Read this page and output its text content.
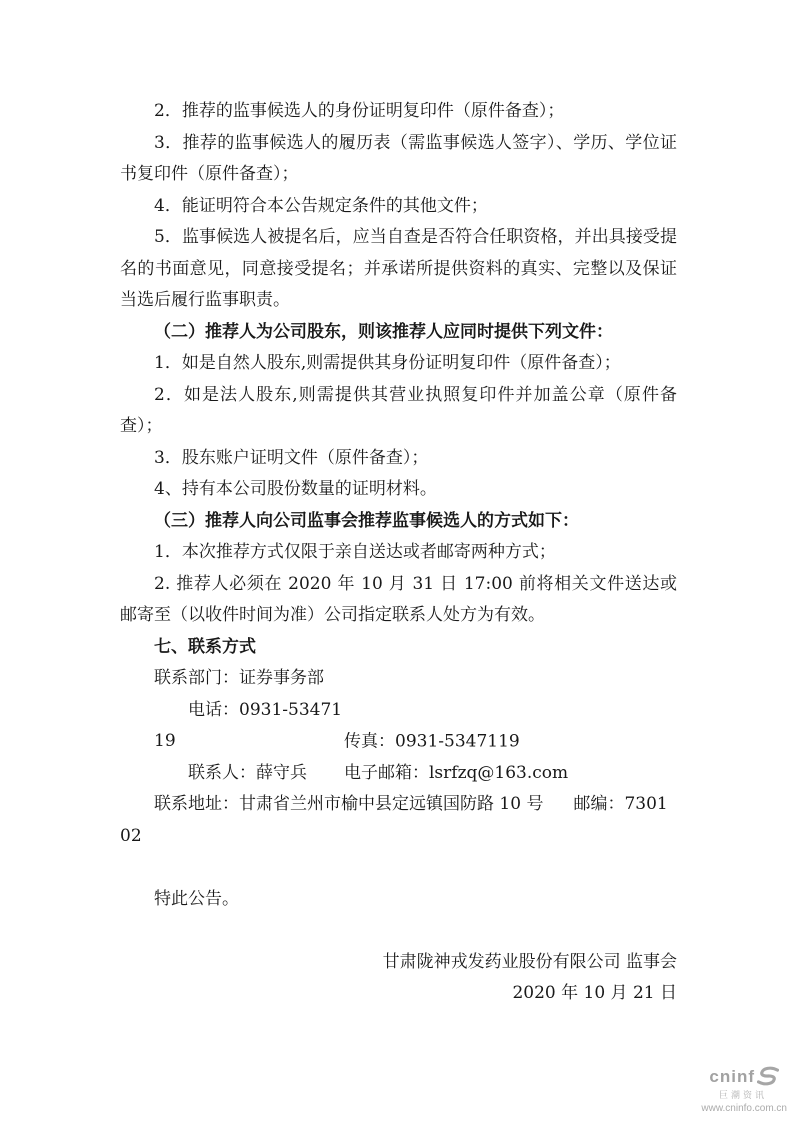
2．推荐的监事候选人的身份证明复印件（原件备查）；

3．推荐的监事候选人的履历表（需监事候选人签字）、学历、学位证书复印件（原件备查）；

4．能证明符合本公告规定条件的其他文件；

5．监事候选人被提名后，应当自查是否符合任职资格，并出具接受提名的书面意见，同意接受提名；并承诺所提供资料的真实、完整以及保证当选后履行监事职责。

（二）推荐人为公司股东，则该推荐人应同时提供下列文件：

1．如是自然人股东,则需提供其身份证明复印件（原件备查）；

2．如是法人股东,则需提供其营业执照复印件并加盖公章（原件备查）；

3．股东账户证明文件（原件备查）；

4、持有本公司股份数量的证明材料。

（三）推荐人向公司监事会推荐监事候选人的方式如下：

1．本次推荐方式仅限于亲自送达或者邮寄两种方式；

2. 推荐人必须在 2020 年 10 月 31 日 17:00 前将相关文件送达或邮寄至（以收件时间为准）公司指定联系人处方为有效。

七、联系方式

联系部门：证券事务部

电话：0931-5347119	传真：0931-5347119

联系人：薛守兵 电子邮箱：lsrfzq@163.com

联系地址：甘肃省兰州市榆中县定远镇国防路 10 号 邮编：730102

特此公告。

甘肃陇神戎发药业股份有限公司 监事会

2020 年 10 月 21 日

cninf
巨潮资讯
www.cninfo.com.cn
